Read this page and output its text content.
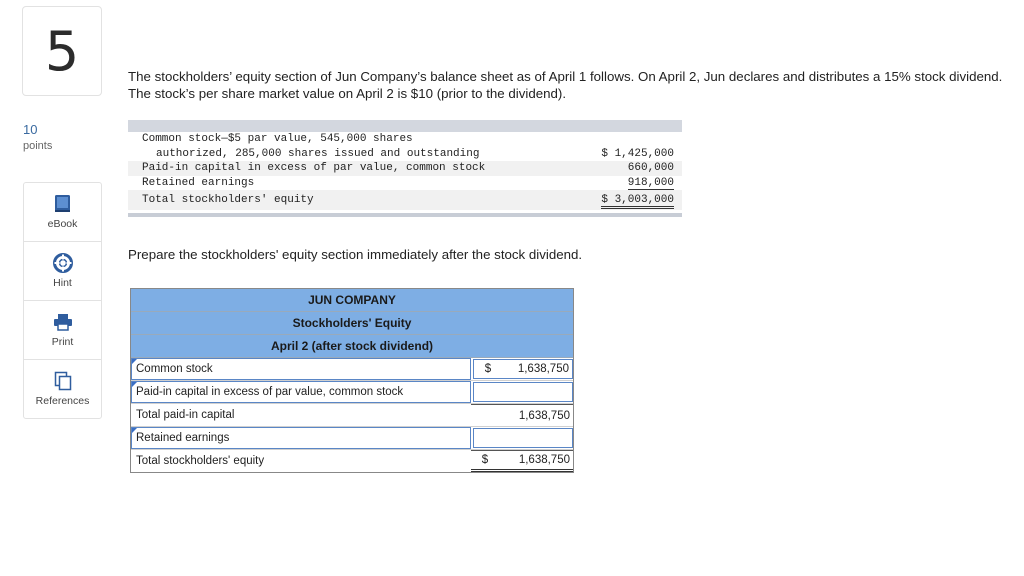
5
10
points
eBook
Hint
Print
References
The stockholders’ equity section of Jun Company’s balance sheet as of April 1 follows. On April 2, Jun declares and distributes a 15% stock dividend. The stock’s per share market value on April 2 is $10 (prior to the dividend).
Common stock—$5 par value, 545,000 shares	
authorized, 285,000 shares issued and outstanding	$ 1,425,000
Paid-in capital in excess of par value, common stock	660,000
Retained earnings	918,000
Total stockholders' equity	$ 3,003,000
Prepare the stockholders' equity section immediately after the stock dividend.
JUN COMPANY
Stockholders' Equity
April 2 (after stock dividend)
Common stock	$	1,638,750
Paid-in capital in excess of par value, common stock
Total paid-in capital	1,638,750
Retained earnings
Total stockholders' equity	$	1,638,750
